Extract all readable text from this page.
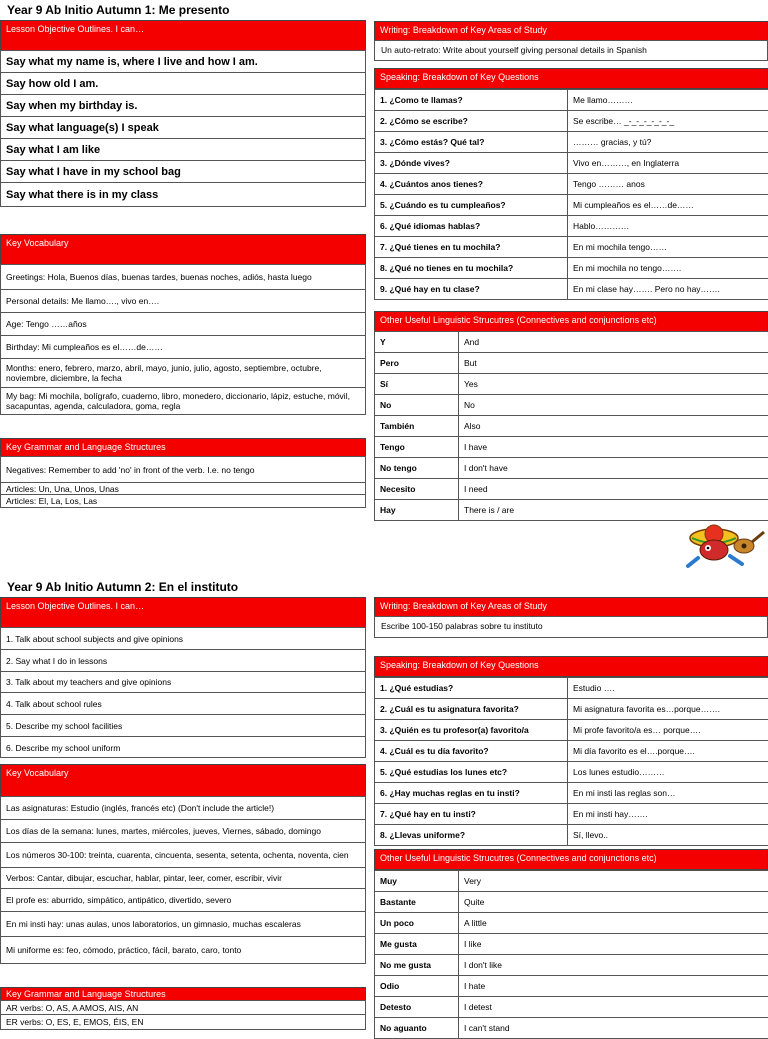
Year 9 Ab Initio Autumn 1: Me presento
Lesson Objective Outlines. I can…
Say what my name is, where I live and how I am.
Say how old I am.
Say when my birthday is.
Say what language(s) I speak
Say what I am like
Say what I have in my school bag
Say what there is in my class
Key Vocabulary
Greetings: Hola, Buenos días, buenas tardes, buenas noches, adiós, hasta luego
Personal details: Me llamo…., vivo en….
Age: Tengo ……años
Birthday: Mi cumpleaños es el……de……
Months: enero, febrero, marzo, abril, mayo, junio, julio, agosto, septiembre, octubre, noviembre, diciembre, la fecha
My bag: Mi mochila, bolígrafo, cuaderno, libro, monedero, diccionario, lápiz, estuche, móvil, sacapuntas, agenda, calculadora, goma, regla
Key Grammar and Language Structures
Negatives: Remember to add 'no' in front of the verb. I.e. no tengo
Articles: Un, Una, Unos, Unas
Articles: El, La, Los, Las
Writing: Breakdown of Key Areas of Study
Un auto-retrato: Write about yourself giving personal details in Spanish
Speaking: Breakdown of Key Questions
1. ¿Como te llamas?	Me llamo………
2. ¿Cómo se escribe?	Se escribe… _-_-_-_-_-_-_
3. ¿Cómo estás? Qué tal?	……… gracias, y tú?
3. ¿Dónde vives?	Vivo en………, en Inglaterra
4. ¿Cuántos anos tienes?	Tengo ……… anos
5. ¿Cuándo es tu cumpleaños?	Mi cumpleaños es el……de……
6. ¿Qué idiomas hablas?	Hablo…………
7. ¿Qué tienes en tu mochila?	En mi mochila tengo……
8. ¿Qué no tienes en tu mochila?	En mi mochila no tengo…….
9. ¿Qué hay en tu clase?	En mi clase hay……. Pero no hay…….
Other Useful Linguistic Strucutres (Connectives and conjunctions etc)
Y	And
Pero	But
Sí	Yes
No	No
También	Also
Tengo	I have
No tengo	I don't have
Necesito	I need
Hay	There is / are
Year 9 Ab Initio Autumn 2: En el instituto
Lesson Objective Outlines. I can…
1. Talk about school subjects and give opinions
2. Say what I do in lessons
3. Talk about my teachers and give opinions
4. Talk about school rules
5. Describe my school facilities
6. Describe my school uniform
Key Vocabulary
Las asignaturas: Estudio (inglés, francés etc) (Don't include the article!)
Los días de la semana: lunes, martes, miércoles, jueves, Viernes, sábado, domingo
Los números 30-100: treinta, cuarenta, cincuenta, sesenta, setenta, ochenta, noventa, cien
Verbos: Cantar, dibujar, escuchar, hablar, pintar, leer, comer, escribir, vivir
El profe es: aburrido, simpático, antipático, divertido, severo
En mi insti hay: unas aulas, unos laboratorios, un gimnasio, muchas escaleras
Mi uniforme es: feo, cómodo, práctico, fácil, barato, caro, tonto
Key Grammar and Language Structures
AR verbs: O, AS, A AMOS, AIS, AN
ER verbs: O, ES, E, EMOS, ÉIS, EN
Writing: Breakdown of Key Areas of Study
Escribe 100-150 palabras sobre tu instituto
Speaking: Breakdown of Key Questions
1. ¿Qué estudias?	Estudio ….
2. ¿Cuál es tu asignatura favorita?	Mi asignatura favorita es…porque…….
3. ¿Quién es tu profesor(a) favorito/a	Mi profe favorito/a es… porque….
4. ¿Cuál es tu día favorito?	Mi día favorito es el….porque….
5. ¿Qué estudias los lunes etc?	Los lunes estudio………
6. ¿Hay muchas reglas en tu insti?	En mi insti las reglas son…
7. ¿Qué hay en tu insti?	En mi insti hay…….
8. ¿Llevas uniforme?	Sí, llevo..
Other Useful Linguistic Strucutres (Connectives and conjunctions etc)
Muy	Very
Bastante	Quite
Un poco	A little
Me gusta	I like
No me gusta	I don't like
Odio	I hate
Detesto	I detest
No aguanto	I can't stand
